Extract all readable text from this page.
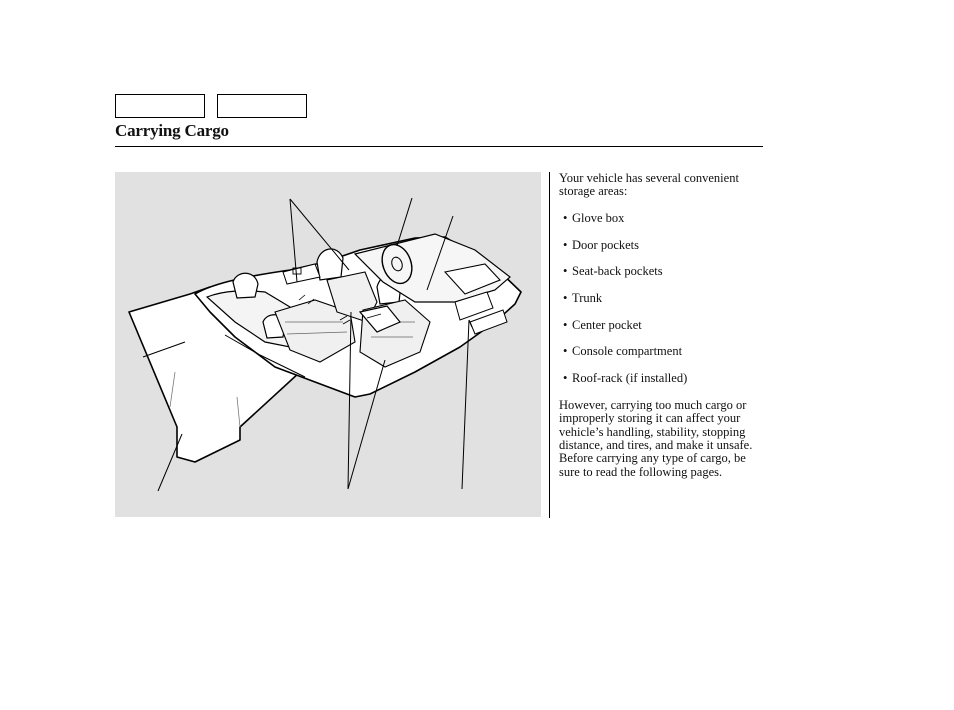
Carrying Cargo

Your vehicle has several convenient storage areas:

• Glove box
• Door pockets
• Seat-back pockets
• Trunk
• Center pocket
• Console compartment
• Roof-rack (if installed)

However, carrying too much cargo or improperly storing it can affect your vehicle’s handling, stability, stopping distance, and tires, and make it unsafe. Before carrying any type of cargo, be sure to read the following pages.
